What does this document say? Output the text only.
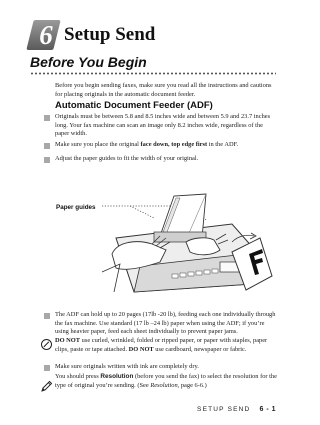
6 Setup Send
Before You Begin
Before you begin sending faxes, make sure you read all the instructions and cautions for placing originals in the automatic document feeder.
Automatic Document Feeder (ADF)
Originals must be between 5.8 and 8.5 inches wide and between 5.9 and 23.7 inches long. Your fax machine can scan an image only 8.2 inches wide, regardless of the paper width.
Make sure you place the original face down, top edge first in the ADF.
Adjust the paper guides to fit the width of your original.
Paper guides
The ADF can hold up to 20 pages (17lb -20 lb), feeding each one individually through the fax machine. Use standard (17 lb –24 lb) paper when using the ADF; if you’re using heavier paper, feed each sheet individually to prevent paper jams.
DO NOT use curled, wrinkled, folded or ripped paper, or paper with staples, paper clips, paste or tape attached. DO NOT use cardboard, newspaper or fabric.
Make sure originals written with ink are completely dry.
You should press Resolution (before you send the fax) to select the resolution for the type of original you’re sending. (See Resolution, page 6-6.)
SETUP SEND 6 - 1
